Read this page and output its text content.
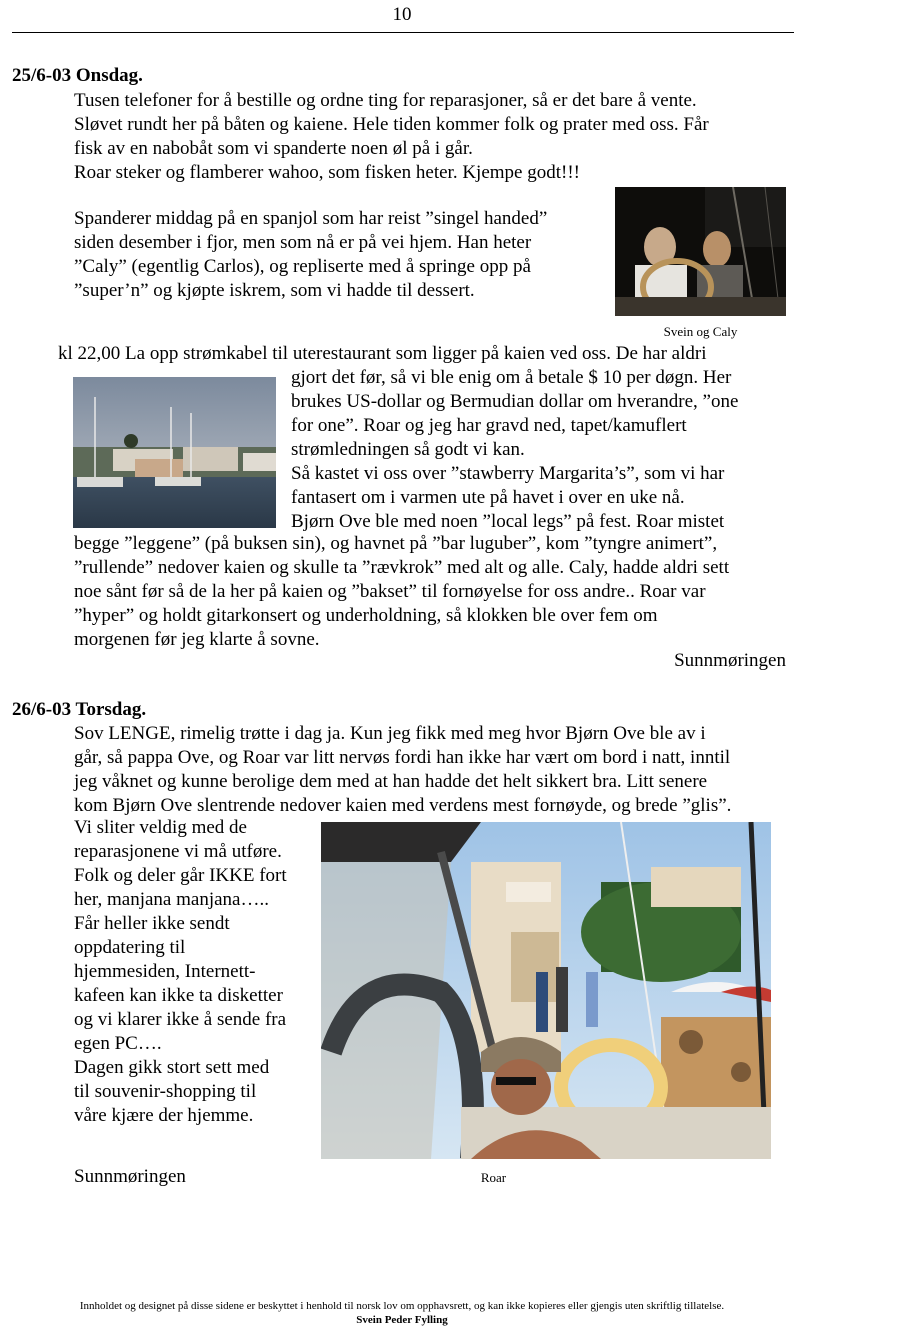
10
25/6-03 Onsdag.
Tusen telefoner for å bestille og ordne ting for reparasjoner, så er det bare å vente.
Sløvet rundt her på båten og kaiene. Hele tiden kommer folk og prater med oss. Får
fisk av en nabobåt som vi spanderte noen øl på i går.
Roar steker og flamberer wahoo, som fisken heter. Kjempe godt!!!
Spanderer middag på en spanjol som har reist ”singel handed”
siden desember i fjor, men som nå er på vei hjem. Han heter
”Caly” (egentlig Carlos), og repliserte med å springe opp på
”super’n” og kjøpte iskrem, som vi hadde til dessert.
Svein og Caly
kl 22,00 La opp strømkabel til uterestaurant som ligger på kaien ved oss. De har aldri
gjort det før, så vi ble enig om å betale $ 10 per døgn. Her
brukes US-dollar og Bermudian dollar om hverandre, ”one
for one”. Roar og jeg har gravd ned, tapet/kamuflert
strømledningen så godt vi kan.
Så kastet vi oss over ”stawberry Margarita’s”, som vi har
fantasert om i varmen ute på havet i over en uke nå.
Bjørn Ove ble med noen ”local legs” på fest. Roar mistet
begge ”leggene” (på buksen sin), og havnet på ”bar luguber”, kom ”tyngre animert”,
”rullende” nedover kaien og skulle ta ”rævkrok” med alt og alle. Caly, hadde aldri sett
noe sånt før så de la her på kaien og ”bakset” til fornøyelse for oss andre.. Roar var
”hyper” og holdt gitarkonsert og underholdning, så klokken ble over fem om
morgenen før jeg klarte å sovne.
Sunnmøringen
26/6-03 Torsdag.
Sov LENGE, rimelig trøtte i dag ja. Kun jeg fikk med meg hvor Bjørn Ove ble av i
går, så pappa Ove, og Roar var litt nervøs fordi han ikke har vært om bord i natt, inntil
jeg våknet og kunne berolige dem med at han hadde det helt sikkert bra. Litt senere
kom Bjørn Ove slentrende nedover kaien med verdens mest fornøyde, og brede ”glis”.
Vi sliter veldig med de
reparasjonene vi må utføre.
Folk og deler går IKKE fort
her, manjana manjana…..
Får heller ikke sendt
oppdatering til
hjemmesiden, Internett-
kafeen kan ikke ta disketter
og vi klarer ikke å sende fra
egen PC….
Dagen gikk stort sett med
til souvenir-shopping til
våre kjære der hjemme.
Roar
Sunnmøringen
Innholdet og designet på disse sidene er beskyttet i henhold til norsk lov om opphavsrett, og kan ikke kopieres eller gjengis uten skriftlig tillatelse.
Svein Peder Fylling
